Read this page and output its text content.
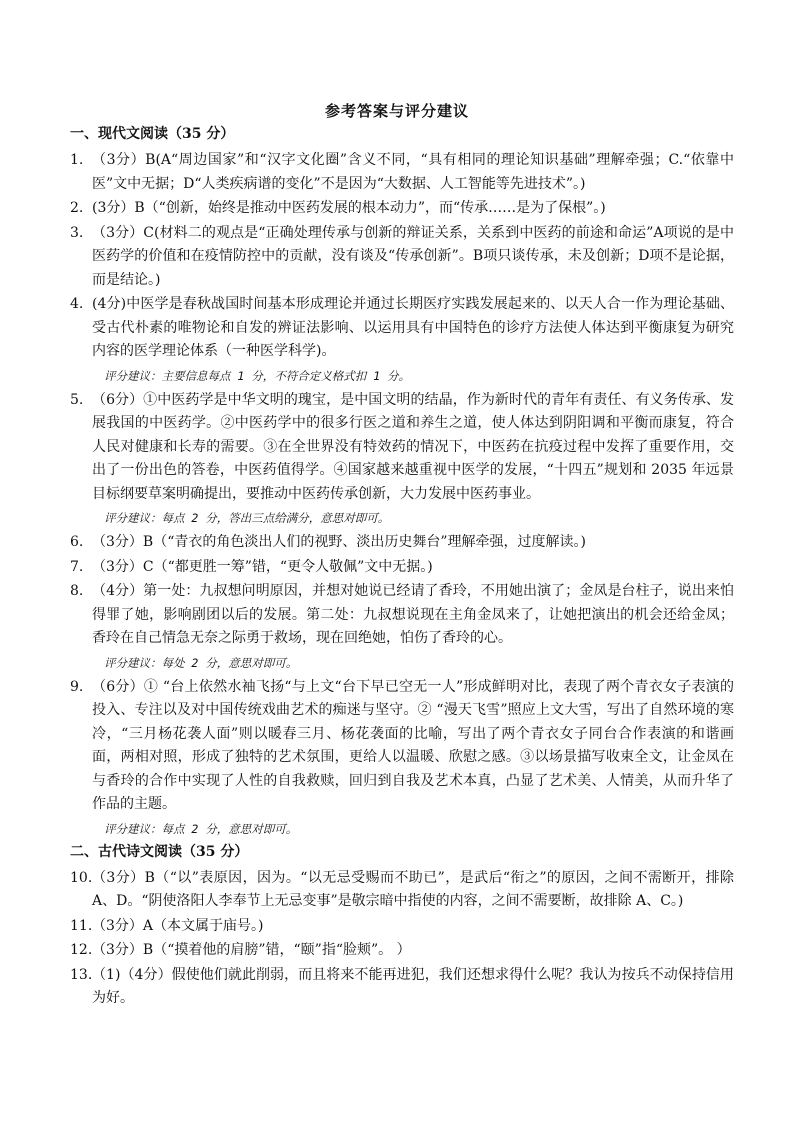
参考答案与评分建议
一、现代文阅读（35 分）
1. （3分）B(A“周边国家”和“汉字文化圈”含义不同，“具有相同的理论知识基础”理解牵强；C.“依靠中医”文中无据；D“人类疾病谱的变化”不是因为“大数据、人工智能等先进技术”。)
2. (3分）B（“创新，始终是推动中医药发展的根本动力”，而“传承……是为了保根”。)
3. （3分）C(材料二的观点是“正确处理传承与创新的辩证关系，关系到中医药的前途和命运”A项说的是中医药学的价值和在疫情防控中的贡献，没有谈及“传承创新”。B项只谈传承，未及创新；D项不是论据，而是结论。)
4. (4分)中医学是春秋战国时间基本形成理论并通过长期医疗实践发展起来的、以天人合一作为理论基础、受古代朴素的唯物论和自发的辨证法影响、以运用具有中国特色的诊疗方法使人体达到平衡康复为研究内容的医学理论体系（一种医学科学)。
评分建议：主要信息每点 1 分，不符合定义格式扣 1 分。
5. （6分）①中医药学是中华文明的瑰宝，是中国文明的结晶，作为新时代的青年有责任、有义务传承、发展我国的中医药学。②中医药学中的很多行医之道和养生之道，使人体达到阴阳调和平衡而康复，符合人民对健康和长寿的需要。③在全世界没有特效药的情况下，中医药在抗疫过程中发挥了重要作用，交出了一份出色的答卷，中医药值得学。④国家越来越重视中医学的发展，“十四五”规划和 2035 年远景目标纲要草案明确提出，要推动中医药传承创新，大力发展中医药事业。
评分建议：每点 2 分，答出三点给满分，意思对即可。
6. （3分）B（“青衣的角色淡出人们的视野、淡出历史舞台”理解牵强，过度解读。)
7. （3分）C（“都更胜一筹”错，“更令人敬佩”文中无据。)
8. （4分）第一处：九叔想问明原因，并想对她说已经请了香玲，不用她出演了；金凤是台柱子，说出来怕得罪了她，影响剧团以后的发展。第二处：九叔想说现在主角金凤来了，让她把演出的机会还给金凤；香玲在自己情急无奈之际勇于救场，现在回绝她，怕伤了香玲的心。
评分建议：每处 2 分，意思对即可。
9. （6分）① “台上依然水袖飞扬“与上文“台下早已空无一人”形成鲜明对比，表现了两个青衣女子表演的投入、专注以及对中国传统戏曲艺术的痴迷与坚守。② “漫天飞雪”照应上文大雪，写出了自然环境的寒冷，“三月杨花袭人面”则以暖春三月、杨花袭面的比喻，写出了两个青衣女子同台合作表演的和谐画面，两相对照，形成了独特的艺术氛围，更给人以温暖、欣慰之感。③以场景描写收束全文，让金凤在与香玲的合作中实现了人性的自我救赎，回归到自我及艺术本真，凸显了艺术美、人情美，从而升华了作品的主题。
评分建议：每点 2 分，意思对即可。
二、古代诗文阅读（35 分）
10. （3分）B（“以”表原因，因为。“以无忌受赐而不助已”，是武后“衔之”的原因，之间不需断开，排除 A、D。“阴使洛阳人李奉节上无忌变事”是敬宗暗中指使的内容，之间不需要断，故排除 A、C。)
11. （3分）A（本文属于庙号。)
12. （3分）B（“摸着他的肩膀”错，“颐”指“脸颊”。 ）
13. （1)（4分）假使他们就此削弱，而且将来不能再进犯，我们还想求得什么呢？我认为按兵不动保持信用为好。
